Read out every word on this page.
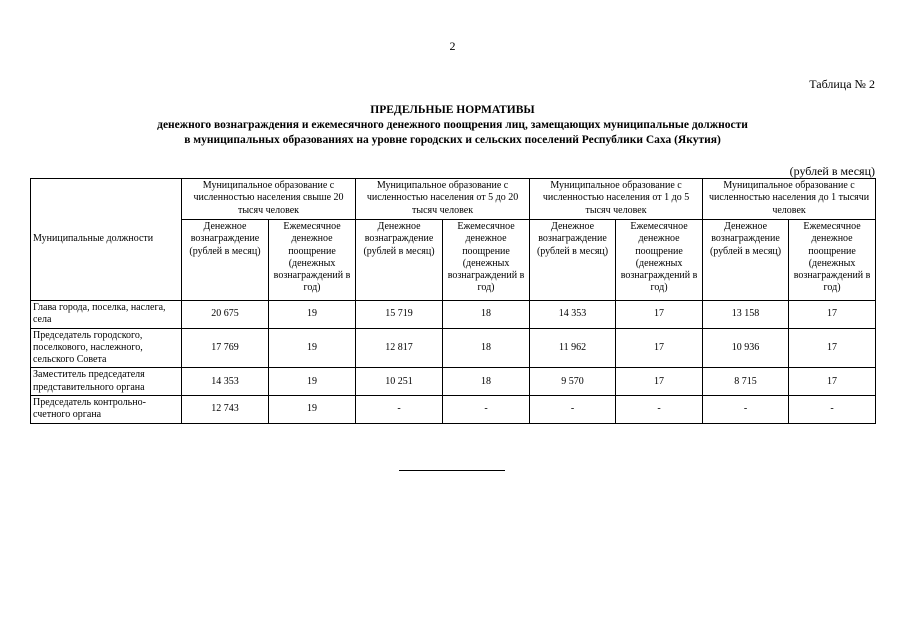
2
Таблица № 2
ПРЕДЕЛЬНЫЕ НОРМАТИВЫ
денежного вознаграждения и ежемесячного денежного поощрения лиц, замещающих муниципальные должности
в муниципальных образованиях на уровне городских и сельских поселений Республики Саха (Якутия)
(рублей в месяц)
Муниципальные должности	Муниципальное образование с численностью населения свыше 20 тысяч человек		Муниципальное образование с численностью населения от 5 до 20 тысяч человек		Муниципальное образование с численностью населения от 1 до 5 тысяч человек		Муниципальное образование с численностью населения до 1 тысячи человек	
	Денежное вознаграждение (рублей в месяц)	Ежемесячное денежное поощрение (денежных вознаграждений в год)	Денежное вознаграждение (рублей в месяц)	Ежемесячное денежное поощрение (денежных вознаграждений в год)	Денежное вознаграждение (рублей в месяц)	Ежемесячное денежное поощрение (денежных вознаграждений в год)	Денежное вознаграждение (рублей в месяц)	Ежемесячное денежное поощрение (денежных вознаграждений в год)
Глава города, поселка, наслега, села	20 675	19	15 719	18	14 353	17	13 158	17
Председатель городского, поселкового, наслежного, сельского Совета	17 769	19	12 817	18	11 962	17	10 936	17
Заместитель председателя представительного органа	14 353	19	10 251	18	9 570	17	8 715	17
Председатель контрольно-счетного органа	12 743	19	-	-	-	-	-	-
